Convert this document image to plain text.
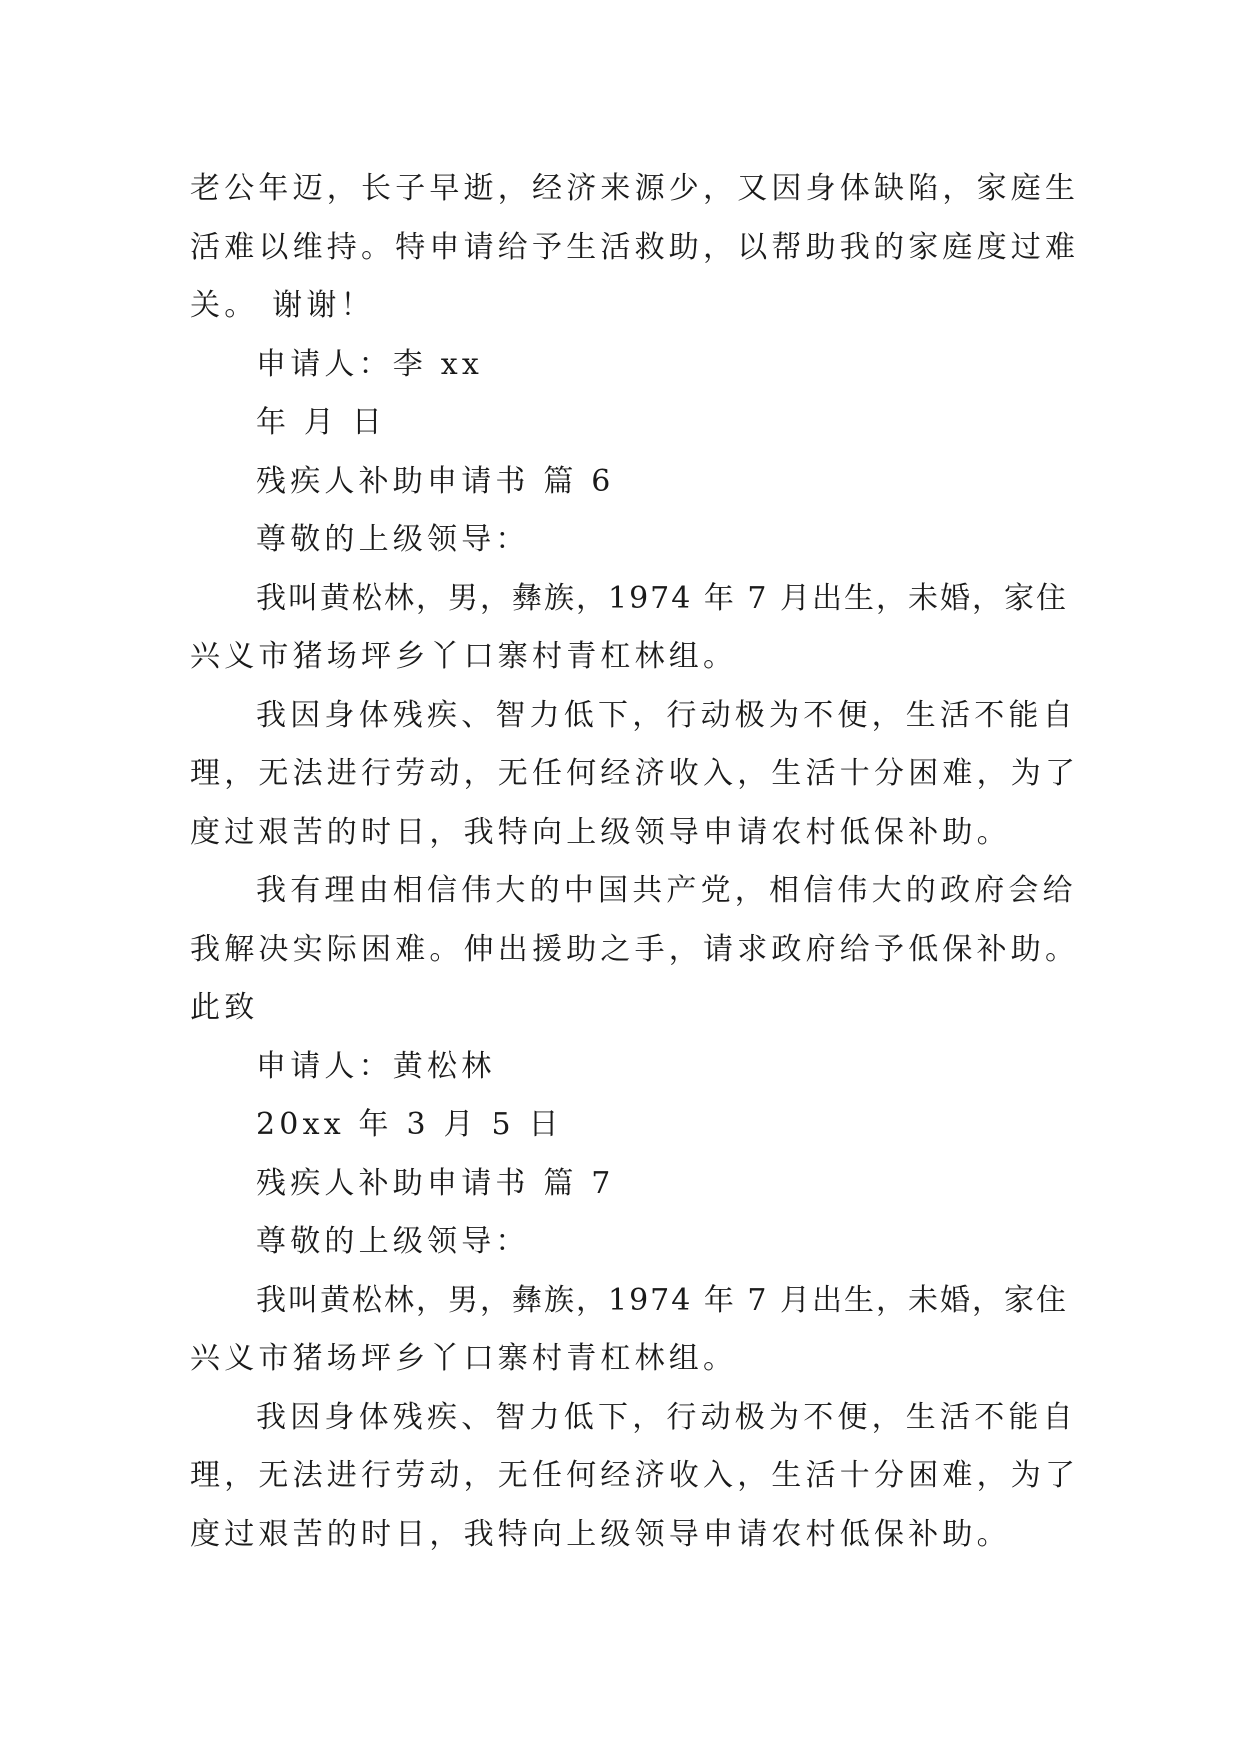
老公年迈，长子早逝，经济来源少，又因身体缺陷，家庭生
活难以维持。特申请给予生活救助，以帮助我的家庭度过难
关。 谢谢！
申请人：李 xx
年 月 日
残疾人补助申请书 篇 6
尊敬的上级领导：
我叫黄松林，男，彝族，1974 年 7 月出生，未婚，家住
兴义市猪场坪乡丫口寨村青杠林组。
我因身体残疾、智力低下，行动极为不便，生活不能自
理，无法进行劳动，无任何经济收入，生活十分困难，为了
度过艰苦的时日，我特向上级领导申请农村低保补助。
我有理由相信伟大的中国共产党，相信伟大的政府会给
我解决实际困难。伸出援助之手，请求政府给予低保补助。
此致
申请人：黄松林
20xx 年 3 月 5 日
残疾人补助申请书 篇 7
尊敬的上级领导：
我叫黄松林，男，彝族，1974 年 7 月出生，未婚，家住
兴义市猪场坪乡丫口寨村青杠林组。
我因身体残疾、智力低下，行动极为不便，生活不能自
理，无法进行劳动，无任何经济收入，生活十分困难，为了
度过艰苦的时日，我特向上级领导申请农村低保补助。
